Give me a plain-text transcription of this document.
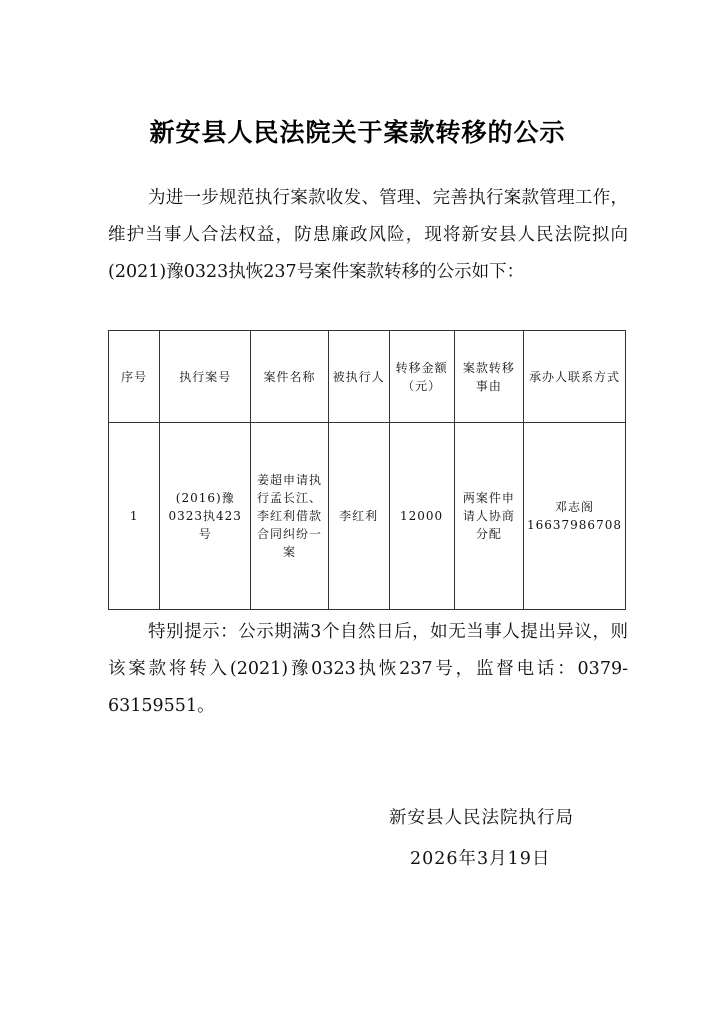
新安县人民法院关于案款转移的公示

为进一步规范执行案款收发、管理、完善执行案款管理工作，维护当事人合法权益，防患廉政风险，现将新安县人民法院拟向(2021)豫0323执恢237号案件案款转移的公示如下：

序号	执行案号	案件名称	被执行人	转移金额（元）	案款转移事由	承办人联系方式
1	(2016)豫0323执423号	姜超申请执行孟长江、李红利借款合同纠纷一案	李红利	12000	两案件申请人协商分配	邓志阁
16637986708

特别提示：公示期满3个自然日后，如无当事人提出异议，则该案款将转入(2021)豫0323执恢237号，监督电话：0379-63159551。

新安县人民法院执行局
2026年3月19日
